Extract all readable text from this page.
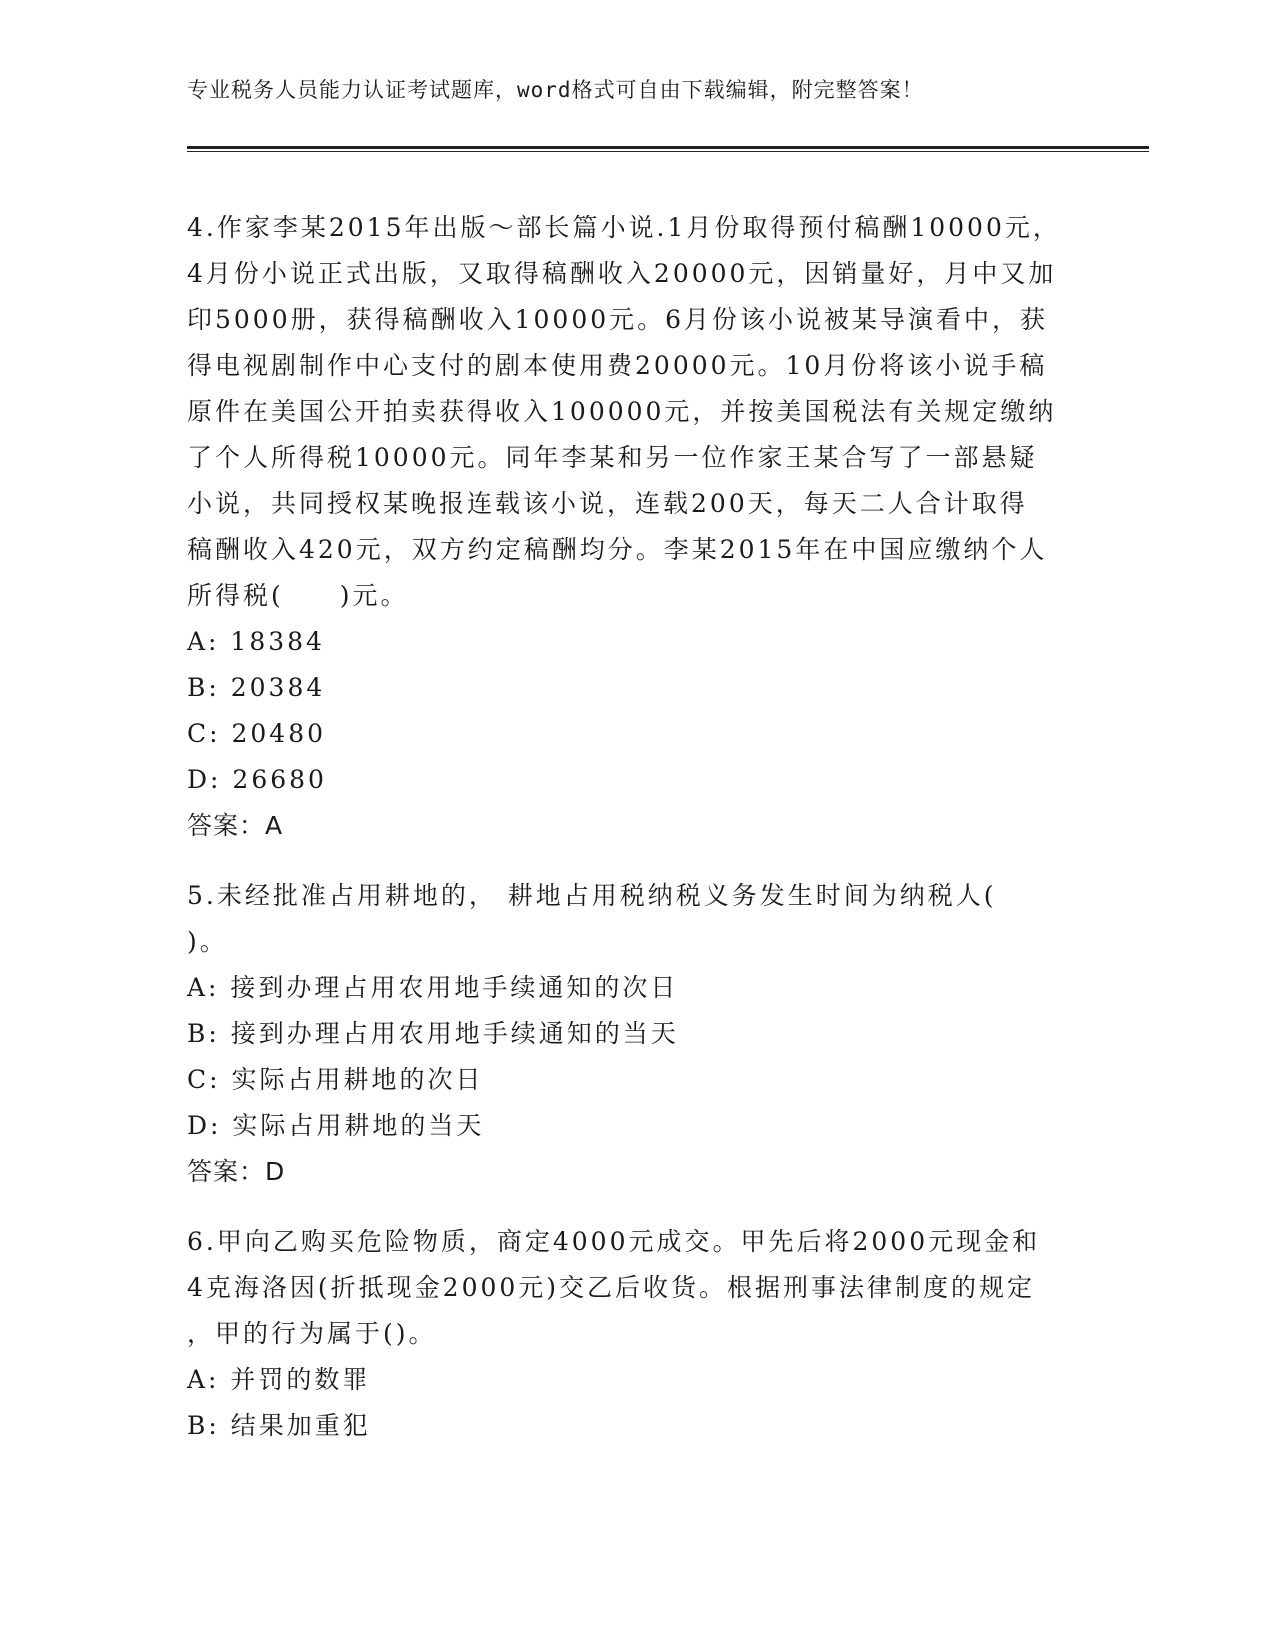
专业税务人员能力认证考试题库，word格式可自由下载编辑，附完整答案！
4.作家李某2015年出版～部长篇小说.1月份取得预付稿酬10000元，
4月份小说正式出版，又取得稿酬收入20000元，因销量好，月中又加
印5000册，获得稿酬收入10000元。6月份该小说被某导演看中，获
得电视剧制作中心支付的剧本使用费20000元。10月份将该小说手稿
原件在美国公开拍卖获得收入100000元，并按美国税法有关规定缴纳
了个人所得税10000元。同年李某和另一位作家王某合写了一部悬疑
小说，共同授权某晚报连载该小说，连载200天，每天二人合计取得
稿酬收入420元，双方约定稿酬均分。李某2015年在中国应缴纳个人
所得税(　　)元。
A: 18384
B: 20384
C: 20480
D: 26680
答案：A
5.未经批准占用耕地的， 耕地占用税纳税义务发生时间为纳税人(
)。
A: 接到办理占用农用地手续通知的次日
B: 接到办理占用农用地手续通知的当天
C: 实际占用耕地的次日
D: 实际占用耕地的当天
答案：D
6.甲向乙购买危险物质，商定4000元成交。甲先后将2000元现金和
4克海洛因(折抵现金2000元)交乙后收货。根据刑事法律制度的规定
，甲的行为属于()。
A: 并罚的数罪
B: 结果加重犯
